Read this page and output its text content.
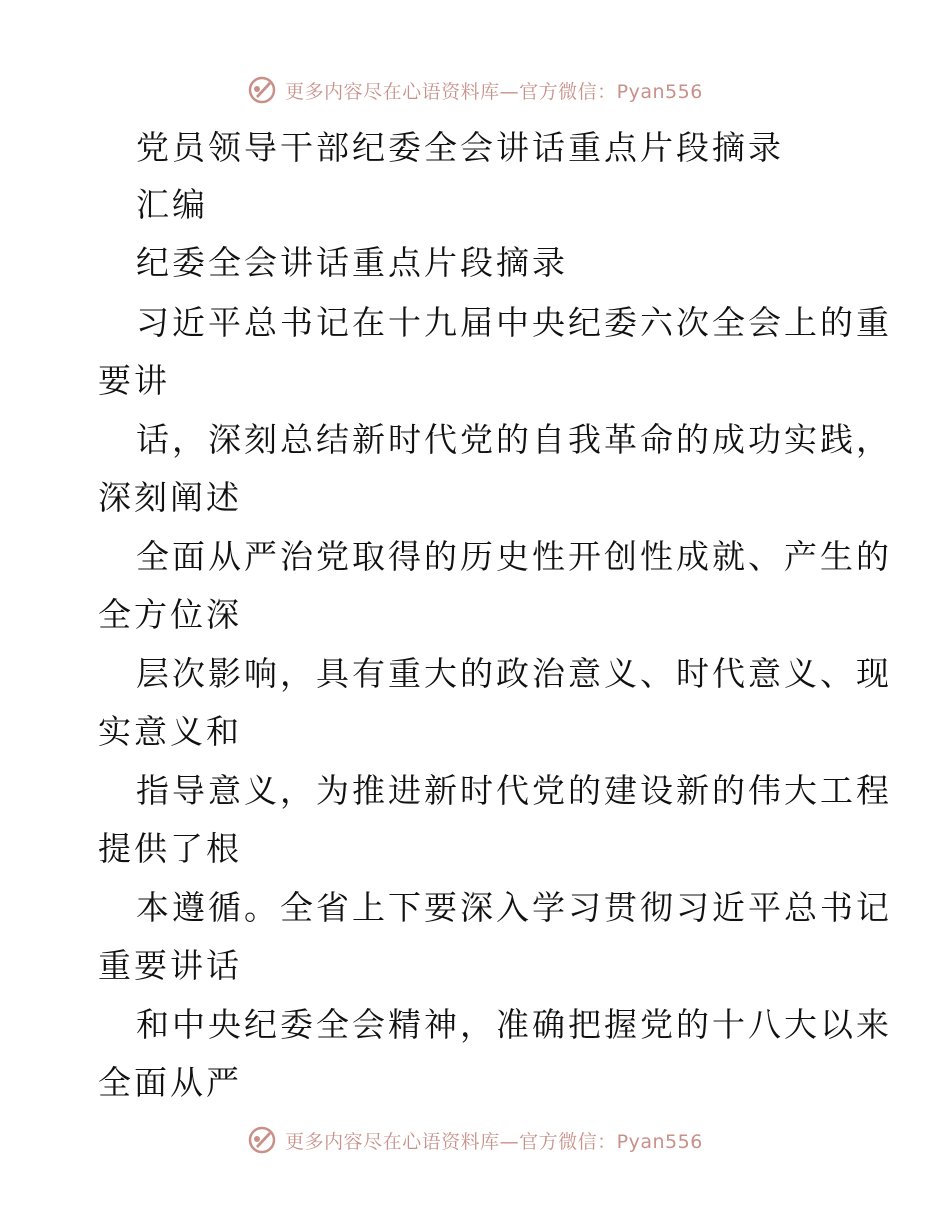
更多内容尽在心语资料库—官方微信：Pyan556
党员领导干部纪委全会讲话重点片段摘录
汇编
纪委全会讲话重点片段摘录
习近平总书记在十九届中央纪委六次全会上的重
要讲
话，深刻总结新时代党的自我革命的成功实践，
深刻阐述
全面从严治党取得的历史性开创性成就、产生的
全方位深
层次影响，具有重大的政治意义、时代意义、现
实意义和
指导意义，为推进新时代党的建设新的伟大工程
提供了根
本遵循。全省上下要深入学习贯彻习近平总书记
重要讲话
和中央纪委全会精神，准确把握党的十八大以来
全面从严
更多内容尽在心语资料库—官方微信：Pyan556
